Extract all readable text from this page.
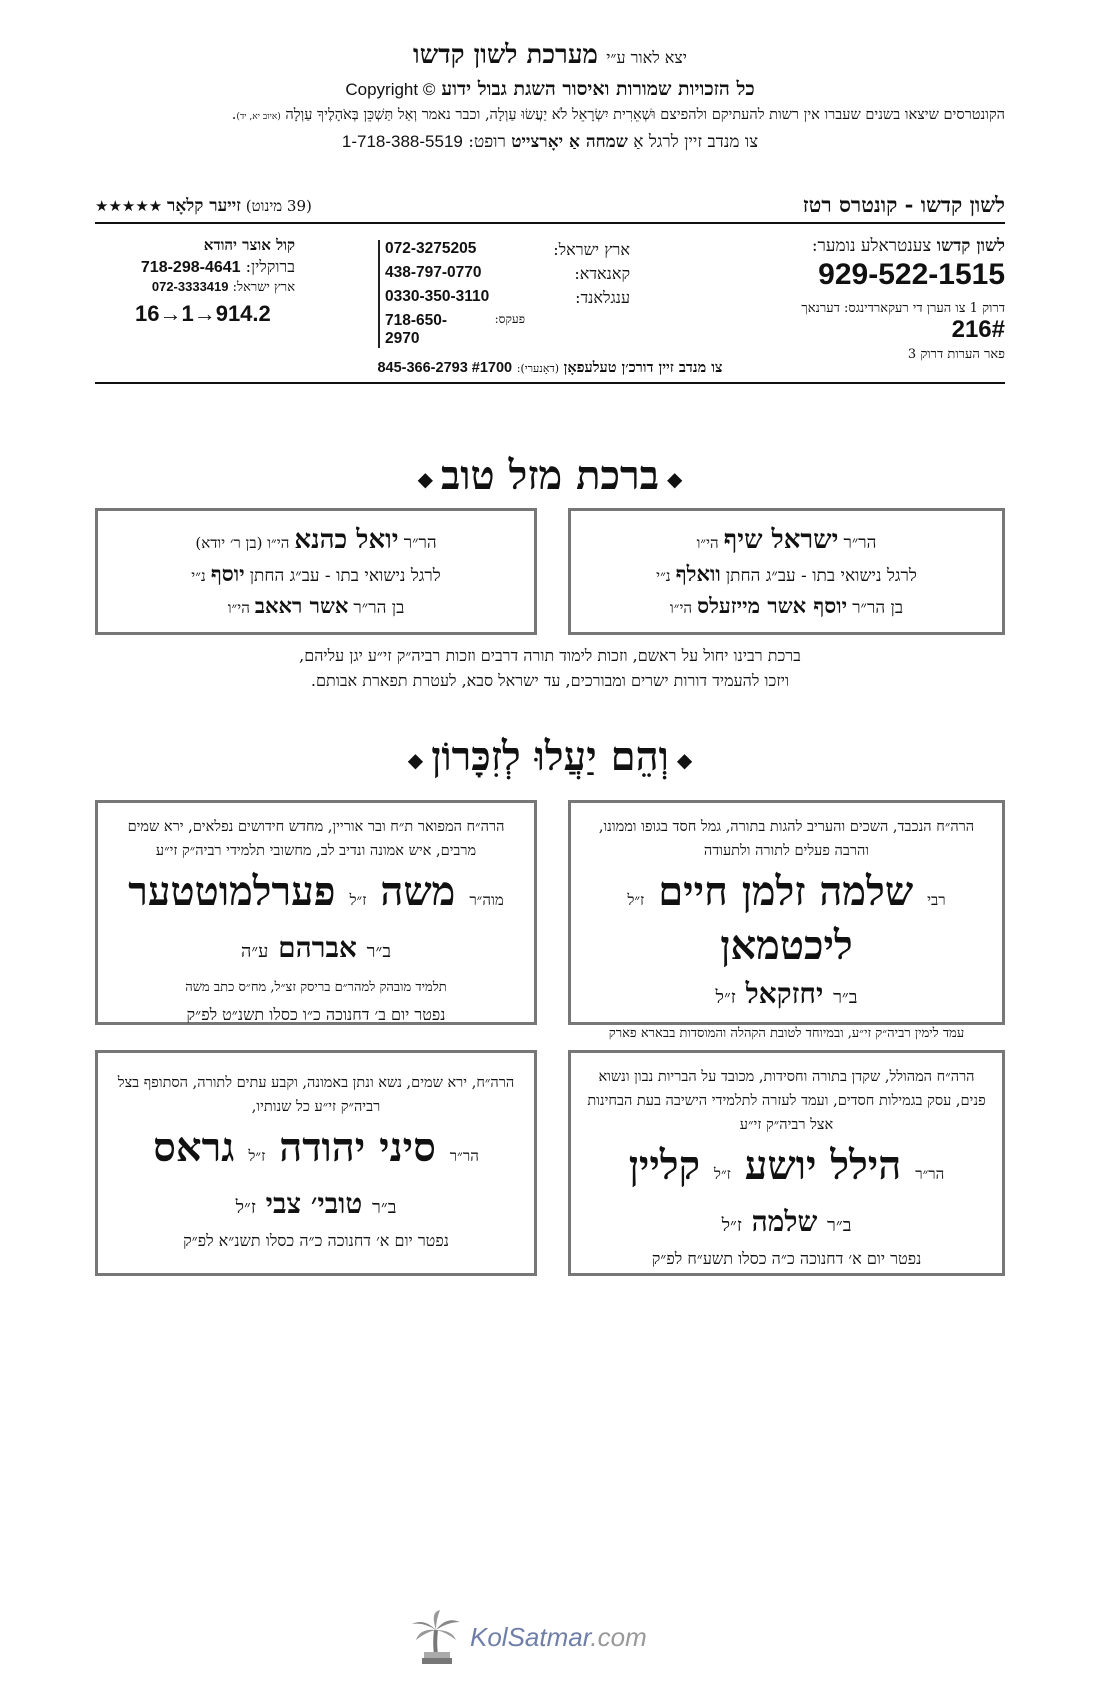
יצא לאור ע״י מערכת לשון קדשו
כל הזכויות שמורות ואיסור השגת גבול ידוע Copyright ©
הקונטרסים שיצאו בשנים שעברו אין רשות להעתיקם ולהפיצם וּשְׁאֵרִית יִשְׂרָאֵל לֹא יַעֲשׂוּ עַוְלָה, וכבר נאמר וְאַל תַּשְׁכֵּן בְּאֹהָלֶיךָ עַוְלָה (איוב יא, יד).
צו מנדב זיין לרגל אַ שמחה אַ יאָרצייט רופט: 1-718-388-5519
לשון קדשו - קונטרס רטז
(39 מינוט) זייער קלאָר ★★★★★
לשון קדשו צענטראלע נומער:
929-522-1515
דרוק 1 צו הערן די רעקארדינגס: דערנאך 216#
פאר הערות דרוק 3
ארץ ישראל:
072-3275205
קאנאדא:
438-797-0770
ענגלאנד:
0330-350-3110
פעקס:
718-650-2970
קול אוצר יהודא
ברוקלין: 718-298-4641
ארץ ישראל: 072-3333419
16→1→914.2
צו מנדב זיין דורכ׳ן טעלעפאָן (דאָנערי): 845-366-2793 #1700
◆ברכת מזל טוב◆
הר״ר ישראל שיף הי״ו
לרגל נישואי בתו - עב״ג החתן וואלף נ״י
בן הר״ר יוסף אשר מייזעלס הי״ו
הר״ר יואל כהנא הי״ו (בן ר׳ יודא)
לרגל נישואי בתו - עב״ג החתן יוסף נ״י
בן הר״ר אשר ראאב הי״ו
ברכת רבינו יחול על ראשם, וזכות לימוד תורה דרבים וזכות רביה״ק זי״ע יגן עליהם,
ויזכו להעמיד דורות ישרים ומבורכים, עד ישראל סבא, לעטרת תפארת אבותם.
◆וְהֵם יַעֲלוּ לְזִכָּרוֹן◆
הרה״ח הנכבד, השכים והעריב להגות בתורה, גמל חסד בגופו וממונו, והרבה פעלים לתורה ולתעודה
רבי שלמה זלמן חיים ז״ל ליכטמאן
ב״ר יחזקאל ז״ל
עמד לימין רביה״ק זי״ע, ובמיוחד לטובת הקהלה והמוסדות בבארא פארק
הרה״ח המפואר ת״ח ובר אוריין, מחדש חידושים נפלאים, ירא שמים מרבים, איש אמונה ונדיב לב, מחשובי תלמידי רביה״ק זי״ע
מוה״ר משה ז״ל פערלמוטטער
ב״ר אברהם ע״ה
תלמיד מובהק למהר״ם בריסק זצ״ל, מח״ס כתב משה
נפטר יום ב׳ דחנוכה כ״ו כסלו תשנ״ט לפ״ק
הרה״ח המהולל, שקדן בתורה וחסידות, מכובד על הבריות נבון ונשוא פנים, עסק בגמילות חסדים, ועמד לעזרה לתלמידי הישיבה בעת הבחינות אצל רביה״ק זי״ע
הר״ר הילל יושע ז״ל קליין
ב״ר שלמה ז״ל
נפטר יום א׳ דחנוכה כ״ה כסלו תשע״ח לפ״ק
הרה״ח, ירא שמים, נשא ונתן באמונה, וקבע עתים לתורה, הסתופף בצל רביה״ק זי״ע כל שנותיו,
הר״ר סיני יהודה ז״ל גראס
ב״ר טובי׳ צבי ז״ל
נפטר יום א׳ דחנוכה כ״ה כסלו תשנ״א לפ״ק
KolSatmar.com
